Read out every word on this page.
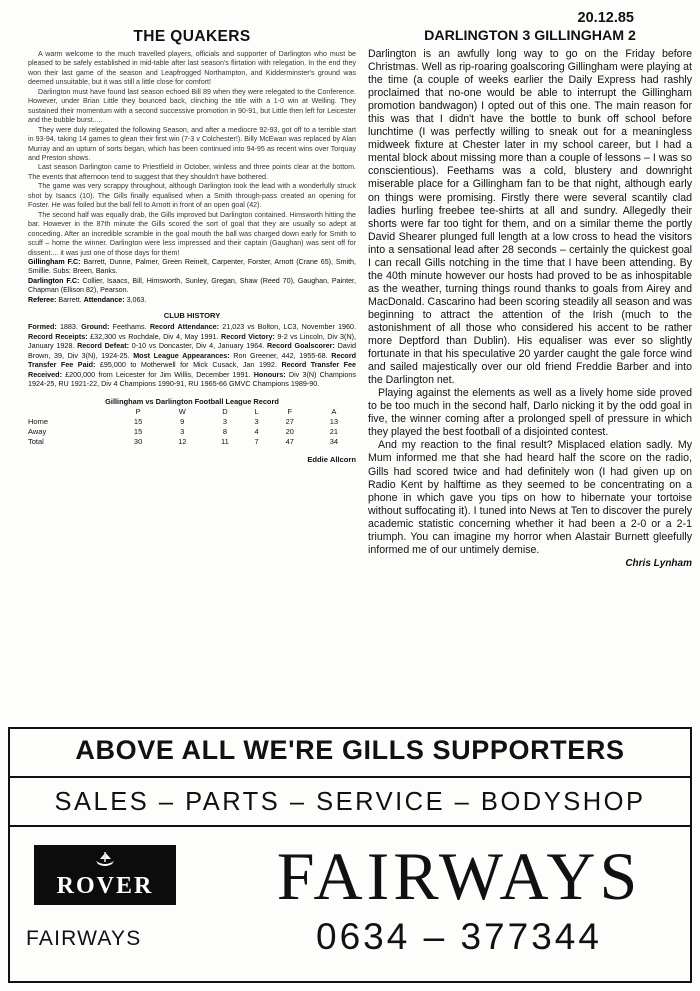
THE QUAKERS

A warm welcome to the much travelled players, officials and supporter of Darlington who must be pleased to be safely established in mid-table after last season's flirtation with relegation. In the end they won their last game of the season and Leapfrogged Northampton, and Kidderminster's ground was deemed unsuitable, but it was still a little close for comfort!

Darlington must have found last season echoed Bill 89 when they were relegated to the Conference. However, under Brian Little they bounced back, clinching the title with a 1-0 win at Welling. They sustained their momentum with a second successive promotion in 90-91, but Little then left for Leicester and the bubble burst.....

They were duly relegated the following Season, and after a mediocre 92-93, got off to a terrible start in 93-94, taking 14 games to glean their first win (7-3 v Colchester!). Billy McEwan was replaced by Alan Murray and an upturn of sorts began, which has been continued into 94-95 as recent wins over Torquay and Preston shows.

Last season Darlington came to Priestfield in October, winless and three points clear at the bottom. The events that afternoon tend to suggest that they shouldn't have bothered.

The game was very scrappy throughout, although Darlington took the lead with a wonderfully struck shot by Isaacs (10). The Gills finally equalised when a Smith through-pass created an opening for Foster. He was foiled but the ball fell to Arnott in front of an open goal (42).

The second half was equally drab, the Gills improved but Darlington contained. Himsworth hitting the bar. However in the 87th minute the Gills scored the sort of goal that they are usually so adept at conceding. After an incredible scramble in the goal mouth the ball was charged down early for Smith to scuff – home the winner. Darlington were less impressed and their captain (Gaughan) was sent off for dissent.... it was just one of those days for them!

Gillingham F.C: Barrett, Dunne, Palmer, Green Reinelt, Carpenter, Forster, Arnott (Crane 65), Smith, Smillie. Subs: Breen, Banks.

Darlington F.C: Collier, Isaacs, Bill, Himsworth, Sunley, Gregan, Shaw (Reed 70), Gaughan, Painter, Chapman (Ellison 82), Pearson.

Referee: Barrett. Attendance: 3,063.

CLUB HISTORY

Formed: 1883. Ground: Feethams. Record Attendance: 21,023 vs Bolton, LC3, November 1960. Record Receipts: £32,300 vs Rochdale, Div 4, May 1991. Record Victory: 9-2 vs Lincoln, Div 3(N), January 1928. Record Defeat: 0-10 vs Doncaster, Div 4, January 1964. Record Goalscorer: David Brown, 39, Div 3(N), 1924-25. Most League Appearances: Ron Greener, 442, 1955-68. Record Transfer Fee Paid: £95,000 to Motherwell for Mick Cusack, Jan 1992. Record Transfer Fee Received: £200,000 from Leicester for Jim Willis, December 1991. Honours: Div 3(N) Champions 1924-25, RU 1921-22, Div 4 Champions 1990-91, RU 1965-66 GMVC Champions 1989-90.

Gillingham vs Darlington Football League Record
	P	W	D	L	F	A
Home	15	9	3	3	27	13
Away	15	3	8	4	20	21
Total	30	12	11	7	47	34
Eddie Allcorn
20.12.85
DARLINGTON 3 GILLINGHAM 2

Darlington is an awfully long way to go on the Friday before Christmas. Well as rip-roaring goalscoring Gillingham were playing at the time (a couple of weeks earlier the Daily Express had rashly proclaimed that no-one would be able to interrupt the Gillingham promotion bandwagon) I opted out of this one. The main reason for this was that I didn't have the bottle to bunk off school before lunchtime (I was perfectly willing to sneak out for a meaningless midweek fixture at Chester later in my school career, but I had a mental block about missing more than a couple of lessons – I was so conscientious). Feethams was a cold, blustery and downright miserable place for a Gillingham fan to be that night, although early on things were promising. Firstly there were several scantily clad ladies hurling freebee tee-shirts at all and sundry. Allegedly their shorts were far too tight for them, and on a similar theme the portly David Shearer plunged full length at a low cross to head the visitors into a sensational lead after 28 seconds – certainly the quickest goal I can recall Gills notching in the time that I have been attending. By the 40th minute however our hosts had proved to be as inhospitable as the weather, turning things round thanks to goals from Airey and MacDonald. Cascarino had been scoring steadily all season and was beginning to attract the attention of the Irish (much to the astonishment of all those who considered his accent to be rather more Deptford than Dublin). His equaliser was ever so slightly fortunate in that his speculative 20 yarder caught the gale force wind and sailed majestically over our old friend Freddie Barber and into the Darlington net.

Playing against the elements as well as a lively home side proved to be too much in the second half, Darlo nicking it by the odd goal in five, the winner coming after a prolonged spell of pressure in which they played the best football of a disjointed contest.

And my reaction to the final result? Misplaced elation sadly. My Mum informed me that she had heard half the score on the radio, Gills had scored twice and had definitely won (I had given up on Radio Kent by halftime as they seemed to be concentrating on a phone in which gave you tips on how to hibernate your tortoise without suffocating it). I tuned into News at Ten to discover the purely academic statistic concerning whether it had been a 2-0 or a 2-1 triumph. You can imagine my horror when Alastair Burnett gleefully informed me of our untimely demise.

Chris Lynham
ABOVE ALL WE'RE GILLS SUPPORTERS
SALES – PARTS – SERVICE – BODYSHOP
ROVER
FAIRWAYS
FAIRWAYS
0634 – 377344
